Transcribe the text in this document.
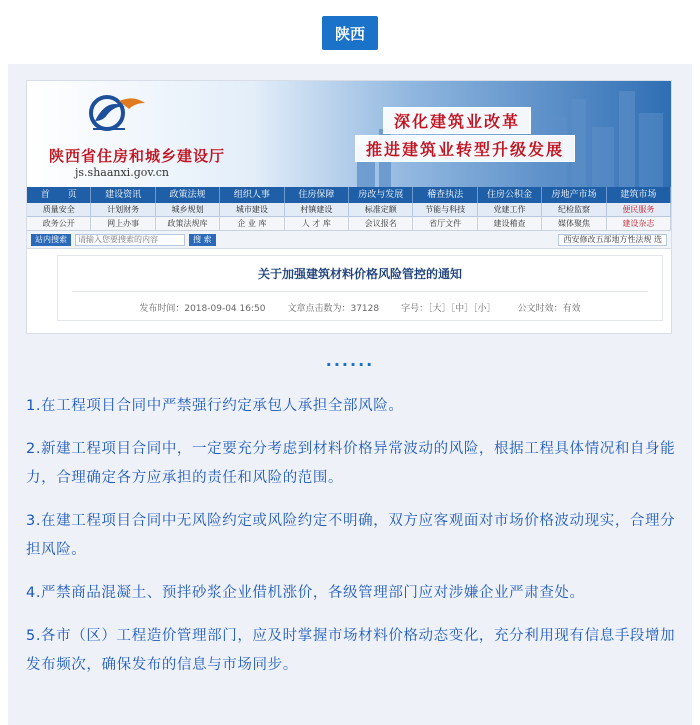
陕西
陕西省住房和城乡建设厅
js.shaanxi.gov.cn
深化建筑业改革
推进建筑业转型升级发展
首　　页	建设资讯	政策法规	组织人事	住房保障	房改与发展	稽查执法	住房公积金	房地产市场	建筑市场
质量安全	计划财务	城乡规划	城市建设	村镇建设	标准定额	节能与科技	党建工作	纪检监察	便民服务
政务公开	网上办事	政策法规库	企 业 库	人 才 库	会议报名	省厅文件	建设稽查	媒体聚焦	建设杂志
站内搜索
请输入您要搜索的内容	搜 索	西安修改五部地方性法规 选
关于加强建筑材料价格风险管控的通知
发布时间：2018-09-04 16:50 文章点击数为：37128 字号：［大］［中］［小］ 公文时效：有效
......

1.在工程项目合同中严禁强行约定承包人承担全部风险。

2.新建工程项目合同中，一定要充分考虑到材料价格异常波动的风险，根据工程具体情况和自身能力，合理确定各方应承担的责任和风险的范围。

3.在建工程项目合同中无风险约定或风险约定不明确，双方应客观面对市场价格波动现实，合理分担风险。

4.严禁商品混凝土、预拌砂浆企业借机涨价，各级管理部门应对涉嫌企业严肃查处。

5.各市（区）工程造价管理部门，应及时掌握市场材料价格动态变化，充分利用现有信息手段增加发布频次，确保发布的信息与市场同步。
